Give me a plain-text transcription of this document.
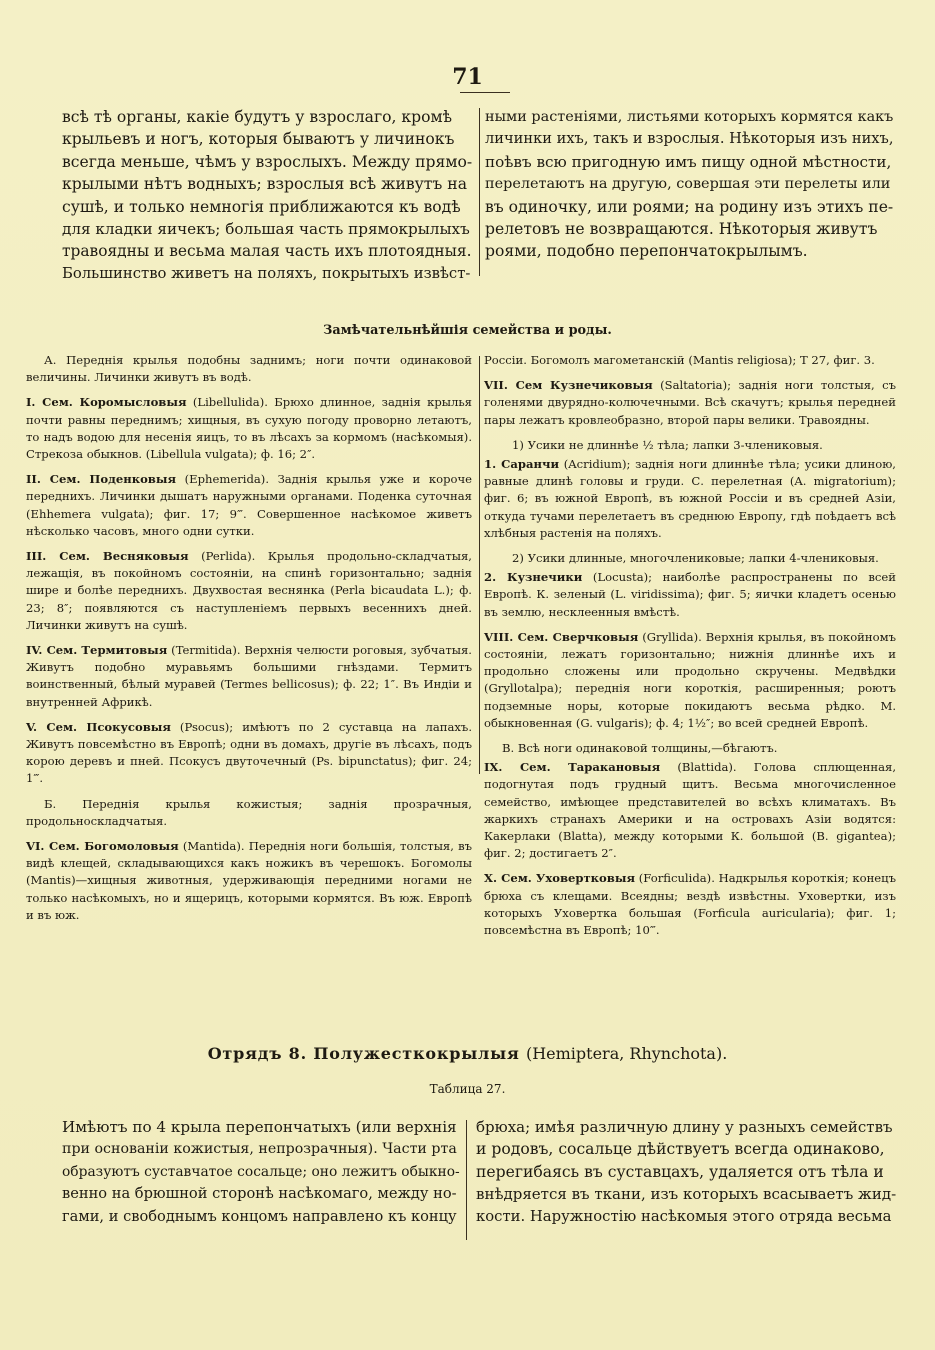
71
всѣ тѣ органы, какіе будутъ у взрослаго, кромѣ
крыльевъ и ногъ, которыя бываютъ у личинокъ
всегда меньше, чѣмъ у взрослыхъ. Между прямо-
крылыми нѣтъ водныхъ; взрослыя всѣ живутъ на
сушѣ, и только немногія приближаются къ водѣ
для кладки яичекъ; большая часть прямокрылыхъ
травоядны и весьма малая часть ихъ плотоядныя.
Большинство живетъ на поляхъ, покрытыхъ извѣст-
ными растеніями, листьями которыхъ кормятся какъ
личинки ихъ, такъ и взрослыя. Нѣкоторыя изъ нихъ,
поѣвъ всю пригодную имъ пищу одной мѣстности,
перелетаютъ на другую, совершая эти перелеты или
въ одиночку, или роями; на родину изъ этихъ пе-
релетовъ не возвращаются. Нѣкоторыя живутъ
роями, подобно перепончатокрылымъ.
Замѣчательнѣйшія семейства и роды.

А. Переднія крылья подобны заднимъ; ноги почти одинаковой величины. Личинки живутъ въ водѣ.

I. Сем. Коромысловыя (Libellulida). Брюхо длинное, заднія крылья почти равны переднимъ; хищныя, въ сухую погоду проворно летаютъ, то надъ водою для несенія яицъ, то въ лѣсахъ за кормомъ (насѣкомыя). Стрекоза обыкнов. (Libellula vulgata); ф. 16; 2″.

II. Сем. Поденковыя (Ephemerida). Заднія крылья уже и короче переднихъ. Личинки дышатъ наружными органами. Поденка суточная (Ehhemera vulgata); фиг. 17; 9‴. Совершенное насѣкомое живетъ нѣсколько часовъ, много одни сутки.

III. Сем. Весняковыя (Perlida). Крылья продольно-складчатыя, лежащія, въ покойномъ состояніи, на спинѣ горизонтально; заднія шире и болѣе переднихъ. Двухвостая веснянка (Perla bicaudata L.); ф. 23; 8″; появляются съ наступленіемъ первыхъ весеннихъ дней. Личинки живутъ на сушѣ.

IV. Сем. Термитовыя (Termitida). Верхнія челюсти роговыя, зубчатыя. Живутъ подобно муравьямъ большими гнѣздами. Термитъ воинственный, бѣлый муравей (Termes bellicosus); ф. 22; 1″. Въ Индіи и внутренней Африкѣ.

V. Сем. Псокусовыя (Psocus); имѣютъ по 2 суставца на лапахъ. Живутъ повсемѣстно въ Европѣ; одни въ домахъ, другіе въ лѣсахъ, подъ корою деревъ и пней. Псокусъ двуточечный (Ps. bipunctatus); фиг. 24; 1‴.

Б. Переднія крылья кожистыя; заднія прозрачныя, продольноскладчатыя.

VI. Сем. Богомоловыя (Mantida). Переднія ноги большія, толстыя, въ видѣ клещей, складывающихся какъ ножикъ въ черешокъ. Богомолы (Mantis)—хищныя животныя, удерживающія передними ногами не только насѣкомыхъ, но и ящерицъ, которыми кормятся. Въ юж. Европѣ и въ юж.

Россіи. Богомолъ магометанскій (Mantis religiosa); Т 27, фиг. 3.

VII. Сем Кузнечиковыя (Saltatoria); заднія ноги толстыя, съ голенями двурядно-колючечными. Всѣ скачутъ; крылья передней пары лежатъ кровлеобразно, второй пары велики. Травоядны.

1) Усики не длиннѣе ½ тѣла; лапки 3-члениковыя.

1. Саранчи (Acridium); заднія ноги длиннѣе тѣла; усики длиною, равные длинѣ головы и груди. С. перелетная (A. migratorium); фиг. 6; въ южной Европѣ, въ южной Россіи и въ средней Азіи, откуда тучами перелетаетъ въ среднюю Европу, гдѣ поѣдаетъ всѣ хлѣбныя растенія на поляхъ.

2) Усики длинные, многочлениковые; лапки 4-члениковыя.

2. Кузнечики (Locusta); наиболѣе распространены по всей Европѣ. К. зеленый (L. viridissima); фиг. 5; яички кладетъ осенью въ землю, несклеенныя вмѣстѣ.

VIII. Сем. Сверчковыя (Gryllida). Верхнія крылья, въ покойномъ состояніи, лежатъ горизонтально; нижнія длиннѣе ихъ и продольно сложены или продольно скручены. Медвѣдки (Gryllotalpa); переднія ноги короткія, расширенныя; роютъ подземные норы, которые покидаютъ весьма рѣдко. М. обыкновенная (G. vulgaris); ф. 4; 1½″; во всей средней Европѣ.

В. Всѣ ноги одинаковой толщины,—бѣгаютъ.

IX. Сем. Таракановыя (Blattida). Голова сплющенная, подогнутая подъ грудный щитъ. Весьма многочисленное семейство, имѣющее представителей во всѣхъ климатахъ. Въ жаркихъ странахъ Америки и на островахъ Азіи водятся: Какерлаки (Blatta), между которыми К. большой (B. gigantea); фиг. 2; достигаетъ 2″.

X. Сем. Уховертковыя (Forficulida). Надкрылья короткія; конецъ брюха съ клещами. Всеядны; вездѣ извѣстны. Уховертки, изъ которыхъ Уховертка большая (Forficula auricularia); фиг. 1; повсемѣстна въ Европѣ; 10‴.

Отрядъ 8. Полужесткокрылыя (Hemiptera, Rhynchota).
Таблица 27.
Имѣютъ по 4 крыла перепончатыхъ (или верхнія
при основаніи кожистыя, непрозрачныя). Части рта
образуютъ суставчатое сосальце; оно лежитъ обыкно-
венно на брюшной сторонѣ насѣкомаго, между но-
гами, и свободнымъ концомъ направлено къ концу
брюха; имѣя различную длину у разныхъ семействъ
и родовъ, сосальце дѣйствуетъ всегда одинаково,
перегибаясь въ суставцахъ, удаляется отъ тѣла и
внѣдряется въ ткани, изъ которыхъ всасываетъ жид-
кости. Наружностію насѣкомыя этого отряда весьма
